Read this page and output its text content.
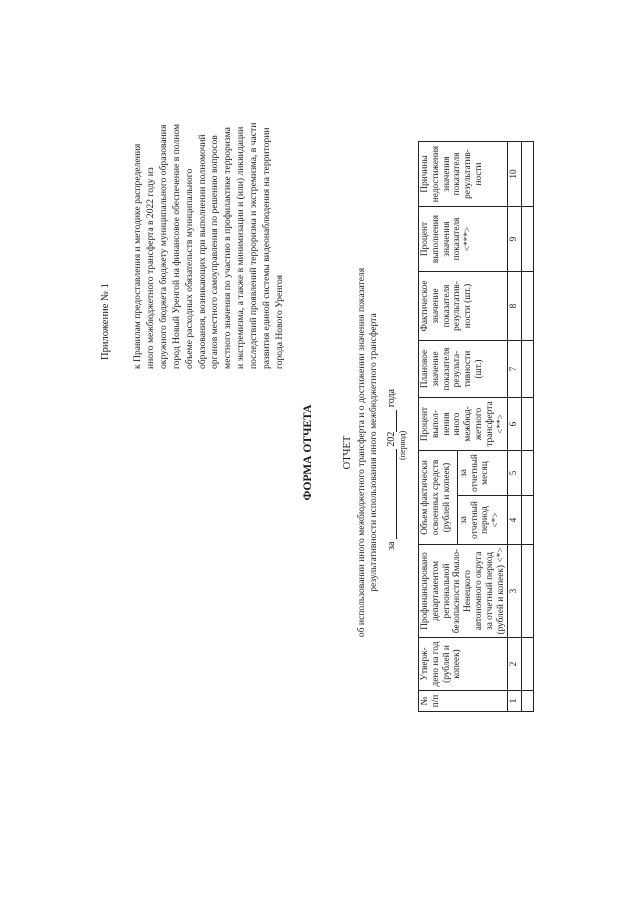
Приложение № 1 к Правилам предоставления и методике распределения иного межбюджетного трансферта в 2022 году из окружного бюджета бюджету муниципального образования город Новый Уренгой на финансовое обеспечение в полном объеме расходных обязательств муниципального образования, возникающих при выполнении полномочий органов местного самоуправления по решению вопросов местного значения по участию в профилактике терроризма и экстремизма, а также в минимизации и (или) ликвидации последствий проявлений терроризма и экстремизма, в части развития единой системы видеонаблюдения на территории города Нового Уренгоя
ФОРМА ОТЧЕТА	ОТЧЕТ об использовании иного межбюджетного трансферта и о достижении значения показателя результативности использования иного межбюджетного трансферта за  202 года
(период)
№ п/п	Утверж-дено на год (рублей и копеек)	Профинансировано департаментом региональной безопасности Ямало-Ненецкого автономного округа за отчетный период (рублей и копеек) <*>	Объем фактически освоенных средств (рублей и копеек)		Процент выпол-нения иного межбюд-жетного трансферта <**>	Плановое значение показателя результа-тивности (шт.)	Фактическое значение показателя результатив-ности (шт.)	Процент выполнения значения показателя <***>	Причины недостижения значения показателя результатив-ности
			за отчетный период <*>	за отчетный месяц					
1	2	3	4	5	6	7	8	9	10
